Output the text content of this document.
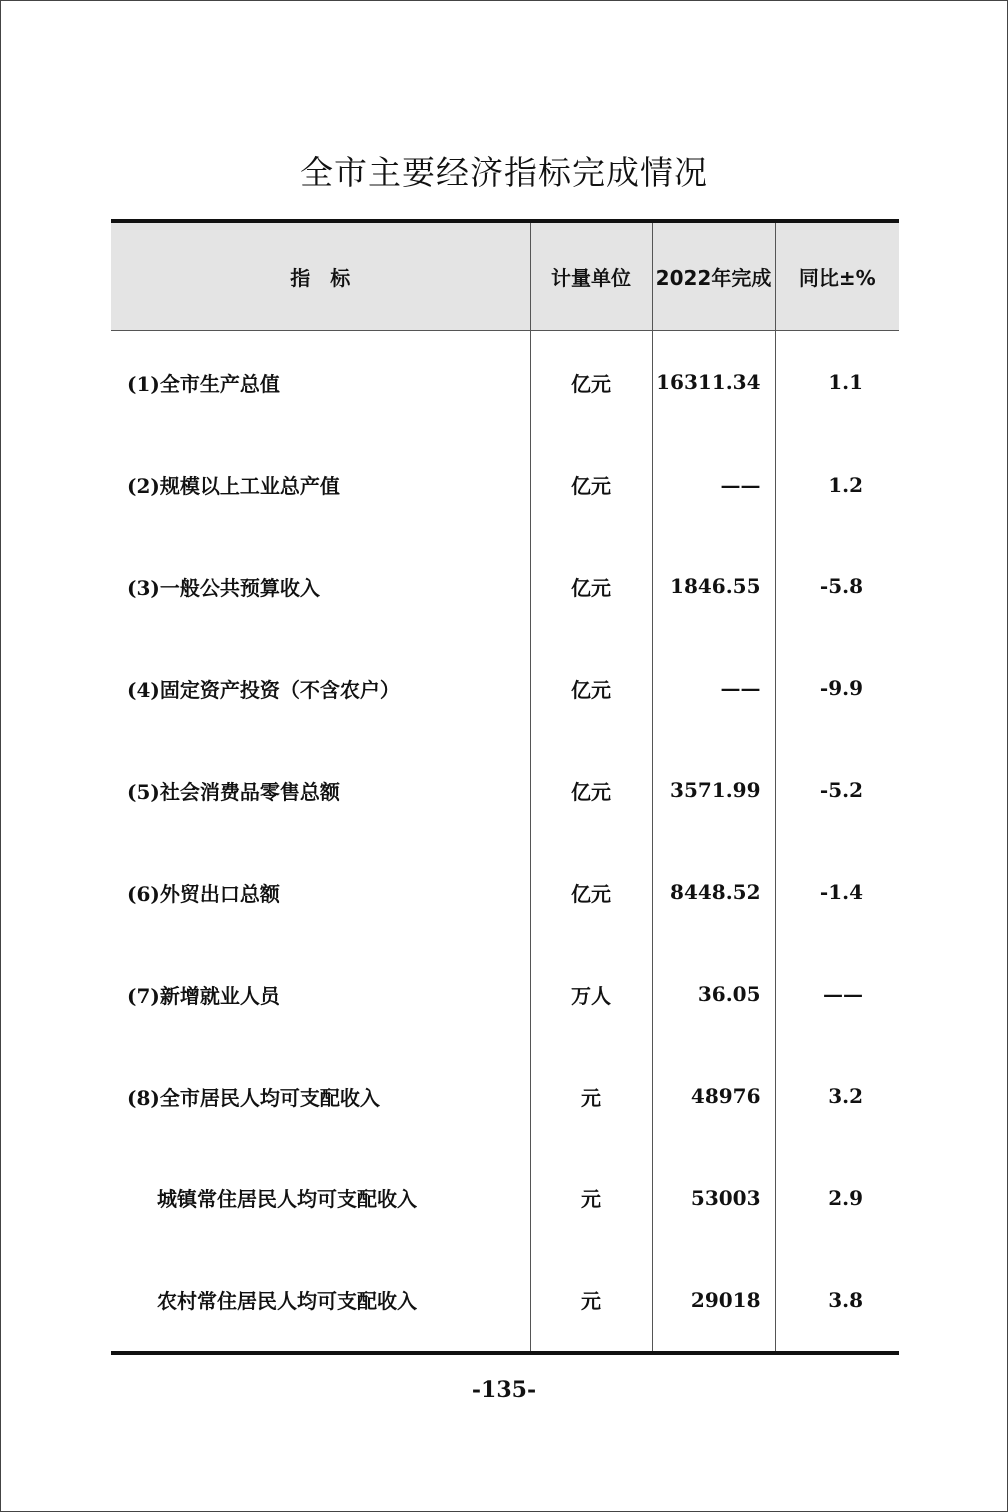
全市主要经济指标完成情况
指　标	计量单位	2022年完成	同比±%
(1)全市生产总值	亿元	16311.34	1.1
(2)规模以上工业总产值	亿元	——	1.2
(3)一般公共预算收入	亿元	1846.55	-5.8
(4)固定资产投资（不含农户）	亿元	——	-9.9
(5)社会消费品零售总额	亿元	3571.99	-5.2
(6)外贸出口总额	亿元	8448.52	-1.4
(7)新增就业人员	万人	36.05	——
(8)全市居民人均可支配收入	元	48976	3.2
城镇常住居民人均可支配收入	元	53003	2.9
农村常住居民人均可支配收入	元	29018	3.8
-135-
